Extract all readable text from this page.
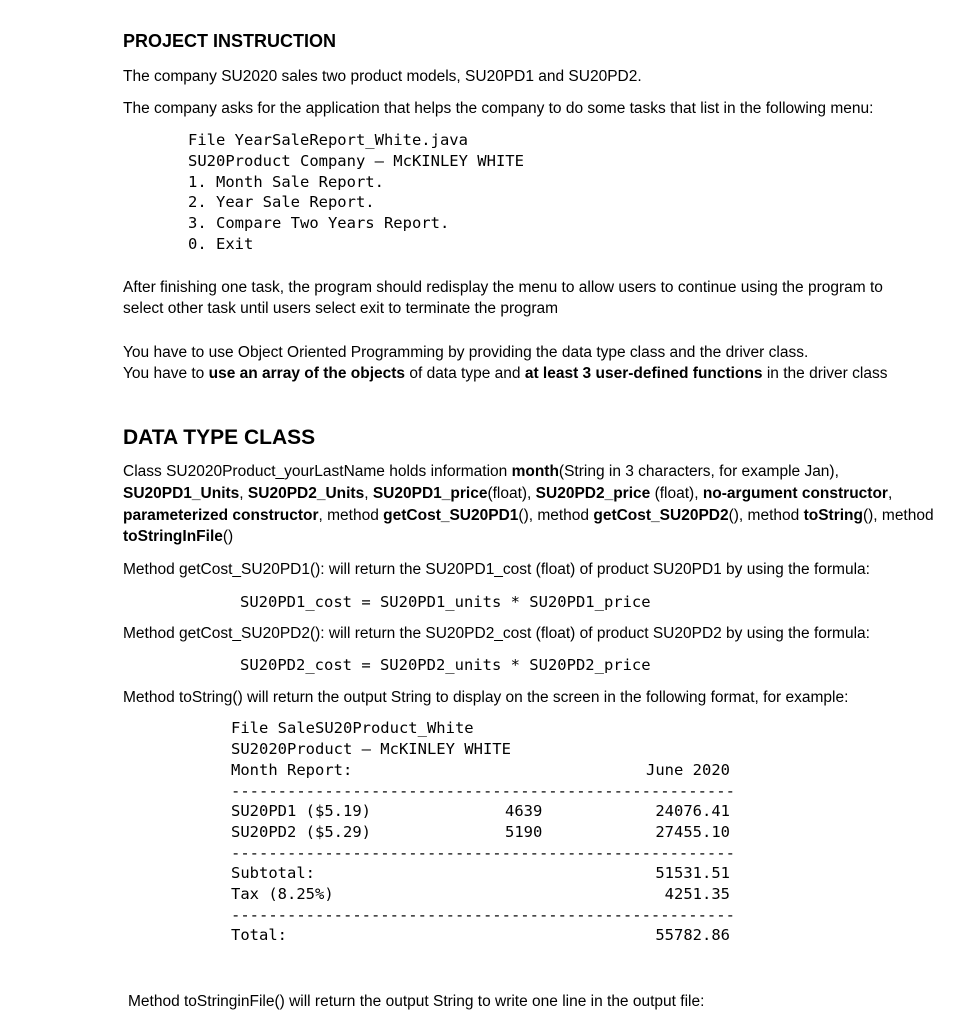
PROJECT INSTRUCTION
The company SU2020 sales two product models, SU20PD1 and SU20PD2.
The company asks for the application that helps the company to do some tasks that list in the following menu:
File YearSaleReport_White.java
SU20Product Company – McKINLEY WHITE
1. Month Sale Report.
2. Year Sale Report.
3. Compare Two Years Report.
0. Exit
After finishing one task, the program should redisplay the menu to allow users to continue using the program to
select other task until users select exit to terminate the program
You have to use Object Oriented Programming by providing the data type class and the driver class.
You have to use an array of the objects of data type and at least 3 user-defined functions in the driver class
DATA TYPE CLASS
Class SU2020Product_yourLastName holds information month(String in 3 characters, for example Jan),
SU20PD1_Units, SU20PD2_Units, SU20PD1_price(float), SU20PD2_price (float), no-argument constructor,
parameterized constructor, method getCost_SU20PD1(), method getCost_SU20PD2(), method toString(), method
toStringInFile()
Method getCost_SU20PD1(): will return the SU20PD1_cost (float) of product SU20PD1 by using the formula:
SU20PD1_cost = SU20PD1_units * SU20PD1_price
Method getCost_SU20PD2(): will return the SU20PD2_cost (float) of product SU20PD2 by using the formula:
SU20PD2_cost = SU20PD2_units * SU20PD2_price
Method toString() will return the output String to display on the screen in the following format, for example:
File SaleSU20Product_White
SU2020Product – McKINLEY WHITE
Month Report:	June 2020
------------------------------------------------------
SU20PD1 ($5.19)	4639	24076.41
SU20PD2 ($5.29)	5190	27455.10
------------------------------------------------------
Subtotal:	51531.51
Tax (8.25%)	4251.35
------------------------------------------------------
Total:	55782.86
Method toStringinFile() will return the output String to write one line in the output file:
